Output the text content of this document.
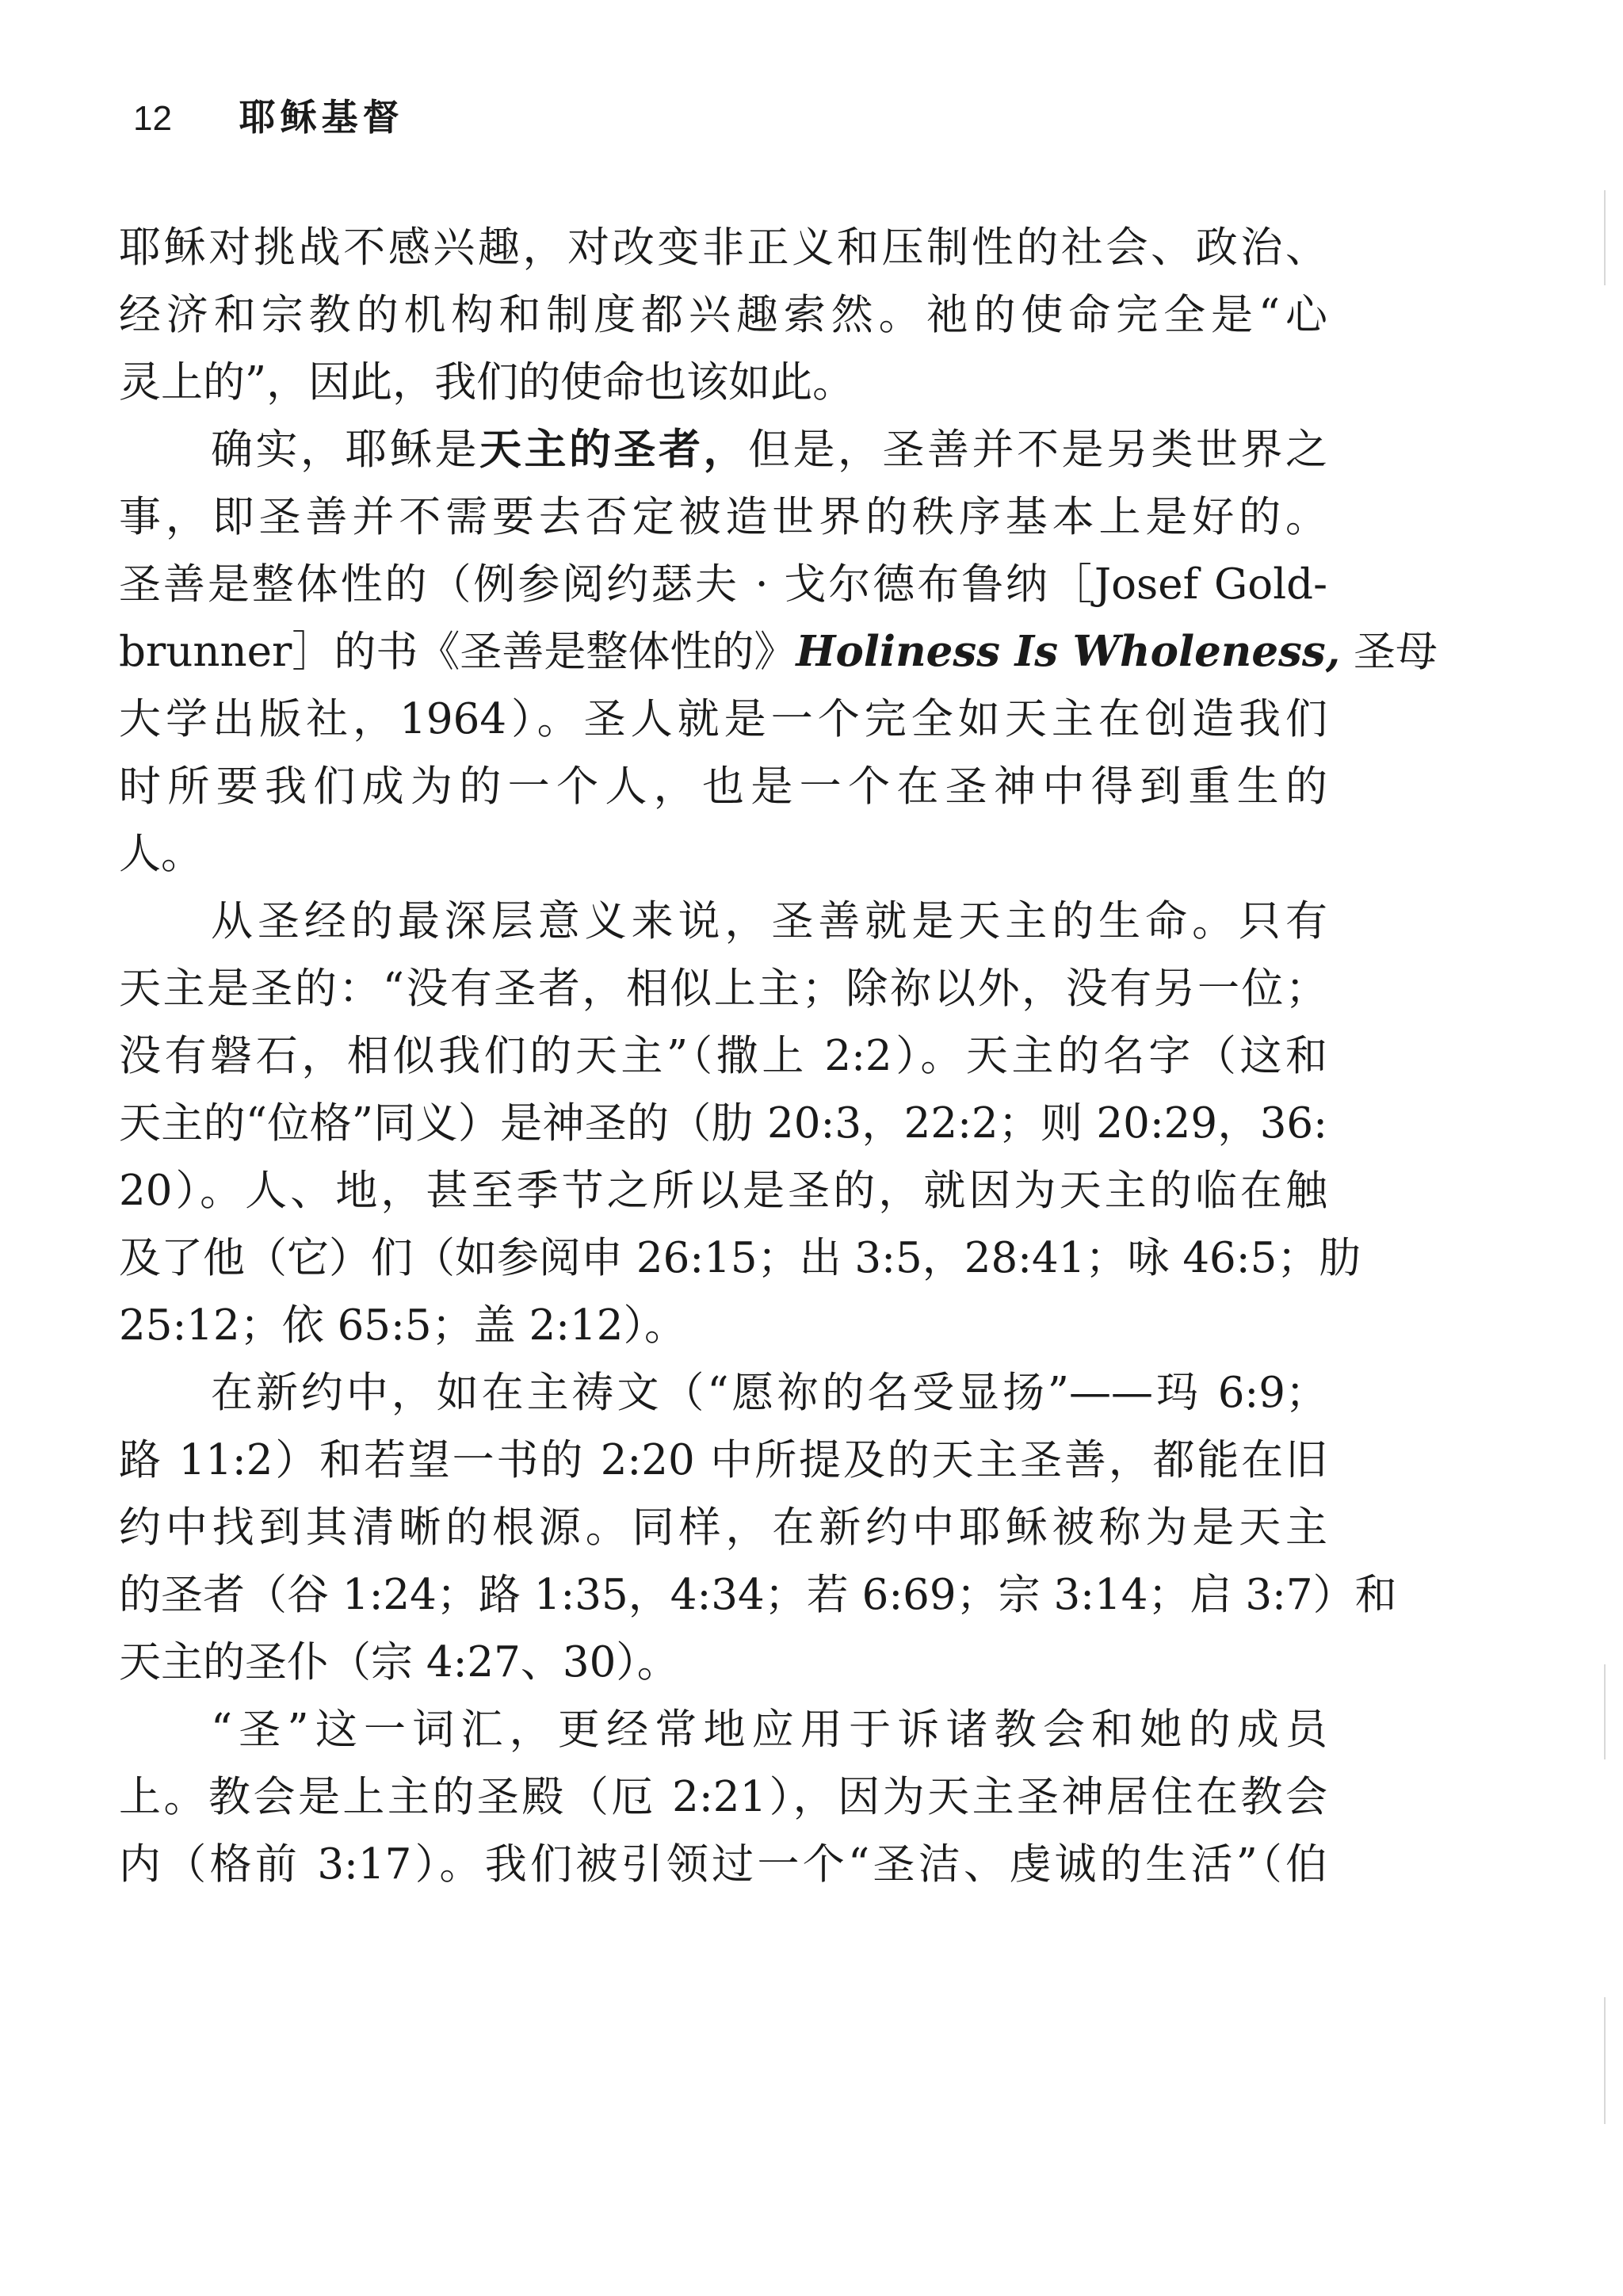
12 耶稣基督

耶稣对挑战不感兴趣，对改变非正义和压制性的社会、政治、
经济和宗教的机构和制度都兴趣索然。祂的使命完全是“心
灵上的”，因此，我们的使命也该如此。

确实，耶稣是天主的圣者，但是，圣善并不是另类世界之
事，即圣善并不需要去否定被造世界的秩序基本上是好的。
圣善是整体性的（例参阅约瑟夫 · 戈尔德布鲁纳［Josef Gold-
brunner］的书《圣善是整体性的》Holiness Is Wholeness, 圣母
大学出版社，1964）。圣人就是一个完全如天主在创造我们
时所要我们成为的一个人，也是一个在圣神中得到重生的
人。

从圣经的最深层意义来说，圣善就是天主的生命。只有
天主是圣的：“没有圣者，相似上主；除祢以外，没有另一位；
没有磐石，相似我们的天主”（撒上 2:2）。天主的名字（这和
天主的“位格”同义）是神圣的（肋 20:3，22:2；则 20:29，36:
20）。人、地，甚至季节之所以是圣的，就因为天主的临在触
及了他（它）们（如参阅申 26:15；出 3:5，28:41；咏 46:5；肋
25:12；依 65:5；盖 2:12）。

在新约中，如在主祷文（“愿祢的名受显扬”——玛 6:9；
路 11:2）和若望一书的 2:20 中所提及的天主圣善，都能在旧
约中找到其清晰的根源。同样，在新约中耶稣被称为是天主
的圣者（谷 1:24；路 1:35，4:34；若 6:69；宗 3:14；启 3:7）和
天主的圣仆（宗 4:27、30）。

“圣”这一词汇，更经常地应用于诉诸教会和她的成员
上。教会是上主的圣殿（厄 2:21），因为天主圣神居住在教会
内（格前 3:17）。我们被引领过一个“圣洁、虔诚的生活”（伯
